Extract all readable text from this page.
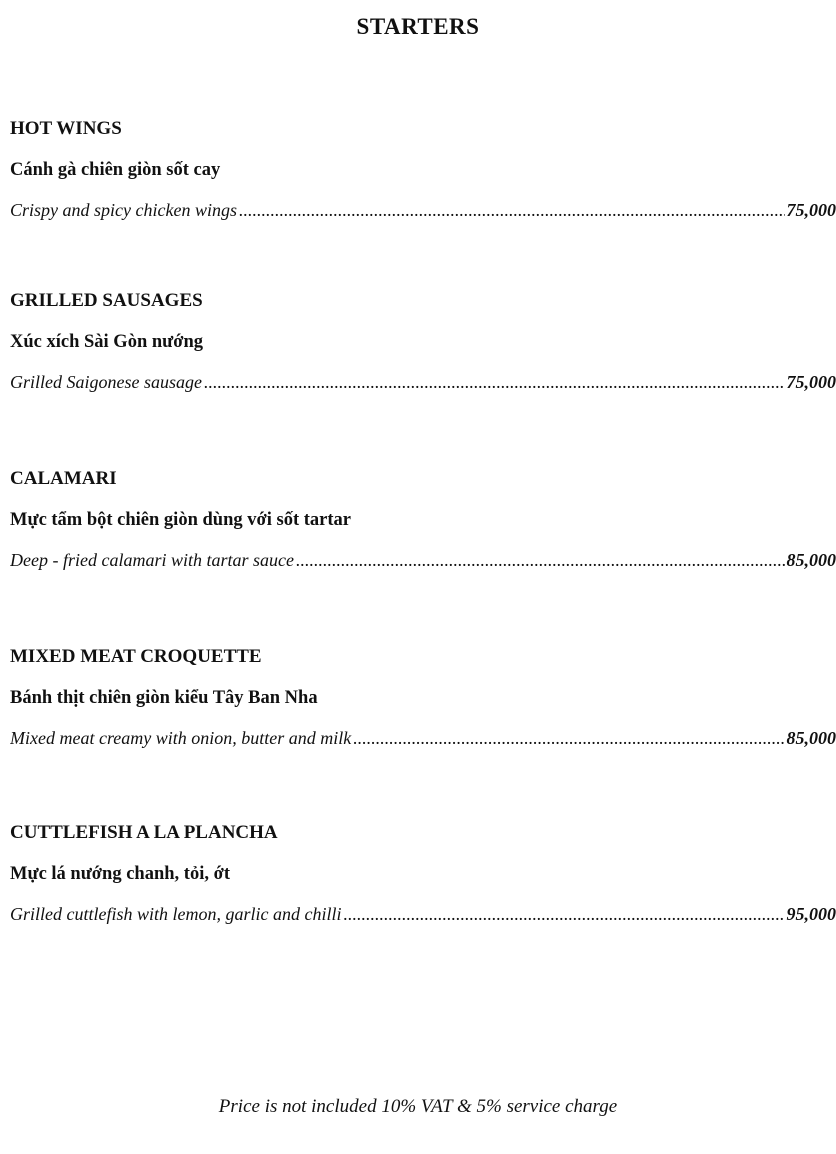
STARTERS
HOT WINGS
Cánh gà chiên giòn sốt cay
Crispy and spicy chicken wings .....	75,000
GRILLED SAUSAGES
Xúc xích Sài Gòn nướng
Grilled Saigonese sausage .....	75,000
CALAMARI
Mực tẩm bột chiên giòn dùng với sốt tartar
Deep - fried calamari with tartar sauce .....	85,000
MIXED MEAT CROQUETTE
Bánh thịt chiên giòn kiểu Tây Ban Nha
Mixed meat creamy with onion, butter and milk .....	85,000
CUTTLEFISH A LA PLANCHA
Mực lá nướng chanh, tỏi, ớt
Grilled cuttlefish with lemon, garlic and chilli .....	95,000
Price is not included 10% VAT & 5% service charge
